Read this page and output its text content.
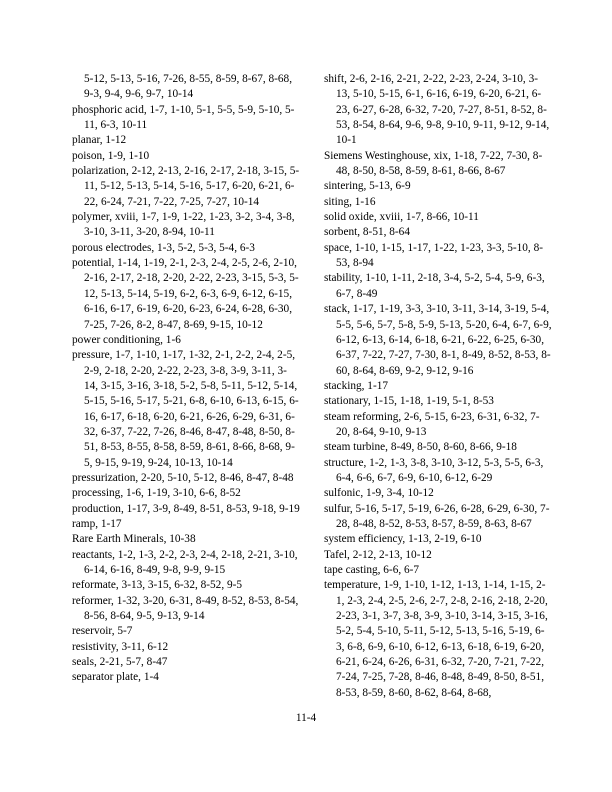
5-12, 5-13, 5-16, 7-26, 8-55, 8-59, 8-67, 8-68, 9-3, 9-4, 9-6, 9-7, 10-14

phosphoric acid, 1-7, 1-10, 5-1, 5-5, 5-9, 5-10, 5-11, 6-3, 10-11

planar, 1-12

poison, 1-9, 1-10

polarization, 2-12, 2-13, 2-16, 2-17, 2-18, 3-15, 5-11, 5-12, 5-13, 5-14, 5-16, 5-17, 6-20, 6-21, 6-22, 6-24, 7-21, 7-22, 7-25, 7-27, 10-14

polymer, xviii, 1-7, 1-9, 1-22, 1-23, 3-2, 3-4, 3-8, 3-10, 3-11, 3-20, 8-94, 10-11

porous electrodes, 1-3, 5-2, 5-3, 5-4, 6-3

potential, 1-14, 1-19, 2-1, 2-3, 2-4, 2-5, 2-6, 2-10, 2-16, 2-17, 2-18, 2-20, 2-22, 2-23, 3-15, 5-3, 5-12, 5-13, 5-14, 5-19, 6-2, 6-3, 6-9, 6-12, 6-15, 6-16, 6-17, 6-19, 6-20, 6-23, 6-24, 6-28, 6-30, 7-25, 7-26, 8-2, 8-47, 8-69, 9-15, 10-12

power conditioning, 1-6

pressure, 1-7, 1-10, 1-17, 1-32, 2-1, 2-2, 2-4, 2-5, 2-9, 2-18, 2-20, 2-22, 2-23, 3-8, 3-9, 3-11, 3-14, 3-15, 3-16, 3-18, 5-2, 5-8, 5-11, 5-12, 5-14, 5-15, 5-16, 5-17, 5-21, 6-8, 6-10, 6-13, 6-15, 6-16, 6-17, 6-18, 6-20, 6-21, 6-26, 6-29, 6-31, 6-32, 6-37, 7-22, 7-26, 8-46, 8-47, 8-48, 8-50, 8-51, 8-53, 8-55, 8-58, 8-59, 8-61, 8-66, 8-68, 9-5, 9-15, 9-19, 9-24, 10-13, 10-14

pressurization, 2-20, 5-10, 5-12, 8-46, 8-47, 8-48

processing, 1-6, 1-19, 3-10, 6-6, 8-52

production, 1-17, 3-9, 8-49, 8-51, 8-53, 9-18, 9-19

ramp, 1-17

Rare Earth Minerals, 10-38

reactants, 1-2, 1-3, 2-2, 2-3, 2-4, 2-18, 2-21, 3-10, 6-14, 6-16, 8-49, 9-8, 9-9, 9-15

reformate, 3-13, 3-15, 6-32, 8-52, 9-5

reformer, 1-32, 3-20, 6-31, 8-49, 8-52, 8-53, 8-54, 8-56, 8-64, 9-5, 9-13, 9-14

reservoir, 5-7

resistivity, 3-11, 6-12

seals, 2-21, 5-7, 8-47

separator plate, 1-4

shift, 2-6, 2-16, 2-21, 2-22, 2-23, 2-24, 3-10, 3-13, 5-10, 5-15, 6-1, 6-16, 6-19, 6-20, 6-21, 6-23, 6-27, 6-28, 6-32, 7-20, 7-27, 8-51, 8-52, 8-53, 8-54, 8-64, 9-6, 9-8, 9-10, 9-11, 9-12, 9-14, 10-1

Siemens Westinghouse, xix, 1-18, 7-22, 7-30, 8-48, 8-50, 8-58, 8-59, 8-61, 8-66, 8-67

sintering, 5-13, 6-9

siting, 1-16

solid oxide, xviii, 1-7, 8-66, 10-11

sorbent, 8-51, 8-64

space, 1-10, 1-15, 1-17, 1-22, 1-23, 3-3, 5-10, 8-53, 8-94

stability, 1-10, 1-11, 2-18, 3-4, 5-2, 5-4, 5-9, 6-3, 6-7, 8-49

stack, 1-17, 1-19, 3-3, 3-10, 3-11, 3-14, 3-19, 5-4, 5-5, 5-6, 5-7, 5-8, 5-9, 5-13, 5-20, 6-4, 6-7, 6-9, 6-12, 6-13, 6-14, 6-18, 6-21, 6-22, 6-25, 6-30, 6-37, 7-22, 7-27, 7-30, 8-1, 8-49, 8-52, 8-53, 8-60, 8-64, 8-69, 9-2, 9-12, 9-16

stacking, 1-17

stationary, 1-15, 1-18, 1-19, 5-1, 8-53

steam reforming, 2-6, 5-15, 6-23, 6-31, 6-32, 7-20, 8-64, 9-10, 9-13

steam turbine, 8-49, 8-50, 8-60, 8-66, 9-18

structure, 1-2, 1-3, 3-8, 3-10, 3-12, 5-3, 5-5, 6-3, 6-4, 6-6, 6-7, 6-9, 6-10, 6-12, 6-29

sulfonic, 1-9, 3-4, 10-12

sulfur, 5-16, 5-17, 5-19, 6-26, 6-28, 6-29, 6-30, 7-28, 8-48, 8-52, 8-53, 8-57, 8-59, 8-63, 8-67

system efficiency, 1-13, 2-19, 6-10

Tafel, 2-12, 2-13, 10-12

tape casting, 6-6, 6-7

temperature, 1-9, 1-10, 1-12, 1-13, 1-14, 1-15, 2-1, 2-3, 2-4, 2-5, 2-6, 2-7, 2-8, 2-16, 2-18, 2-20, 2-23, 3-1, 3-7, 3-8, 3-9, 3-10, 3-14, 3-15, 3-16, 5-2, 5-4, 5-10, 5-11, 5-12, 5-13, 5-16, 5-19, 6-3, 6-8, 6-9, 6-10, 6-12, 6-13, 6-18, 6-19, 6-20, 6-21, 6-24, 6-26, 6-31, 6-32, 7-20, 7-21, 7-22, 7-24, 7-25, 7-28, 8-46, 8-48, 8-49, 8-50, 8-51, 8-53, 8-59, 8-60, 8-62, 8-64, 8-68,

11-4
